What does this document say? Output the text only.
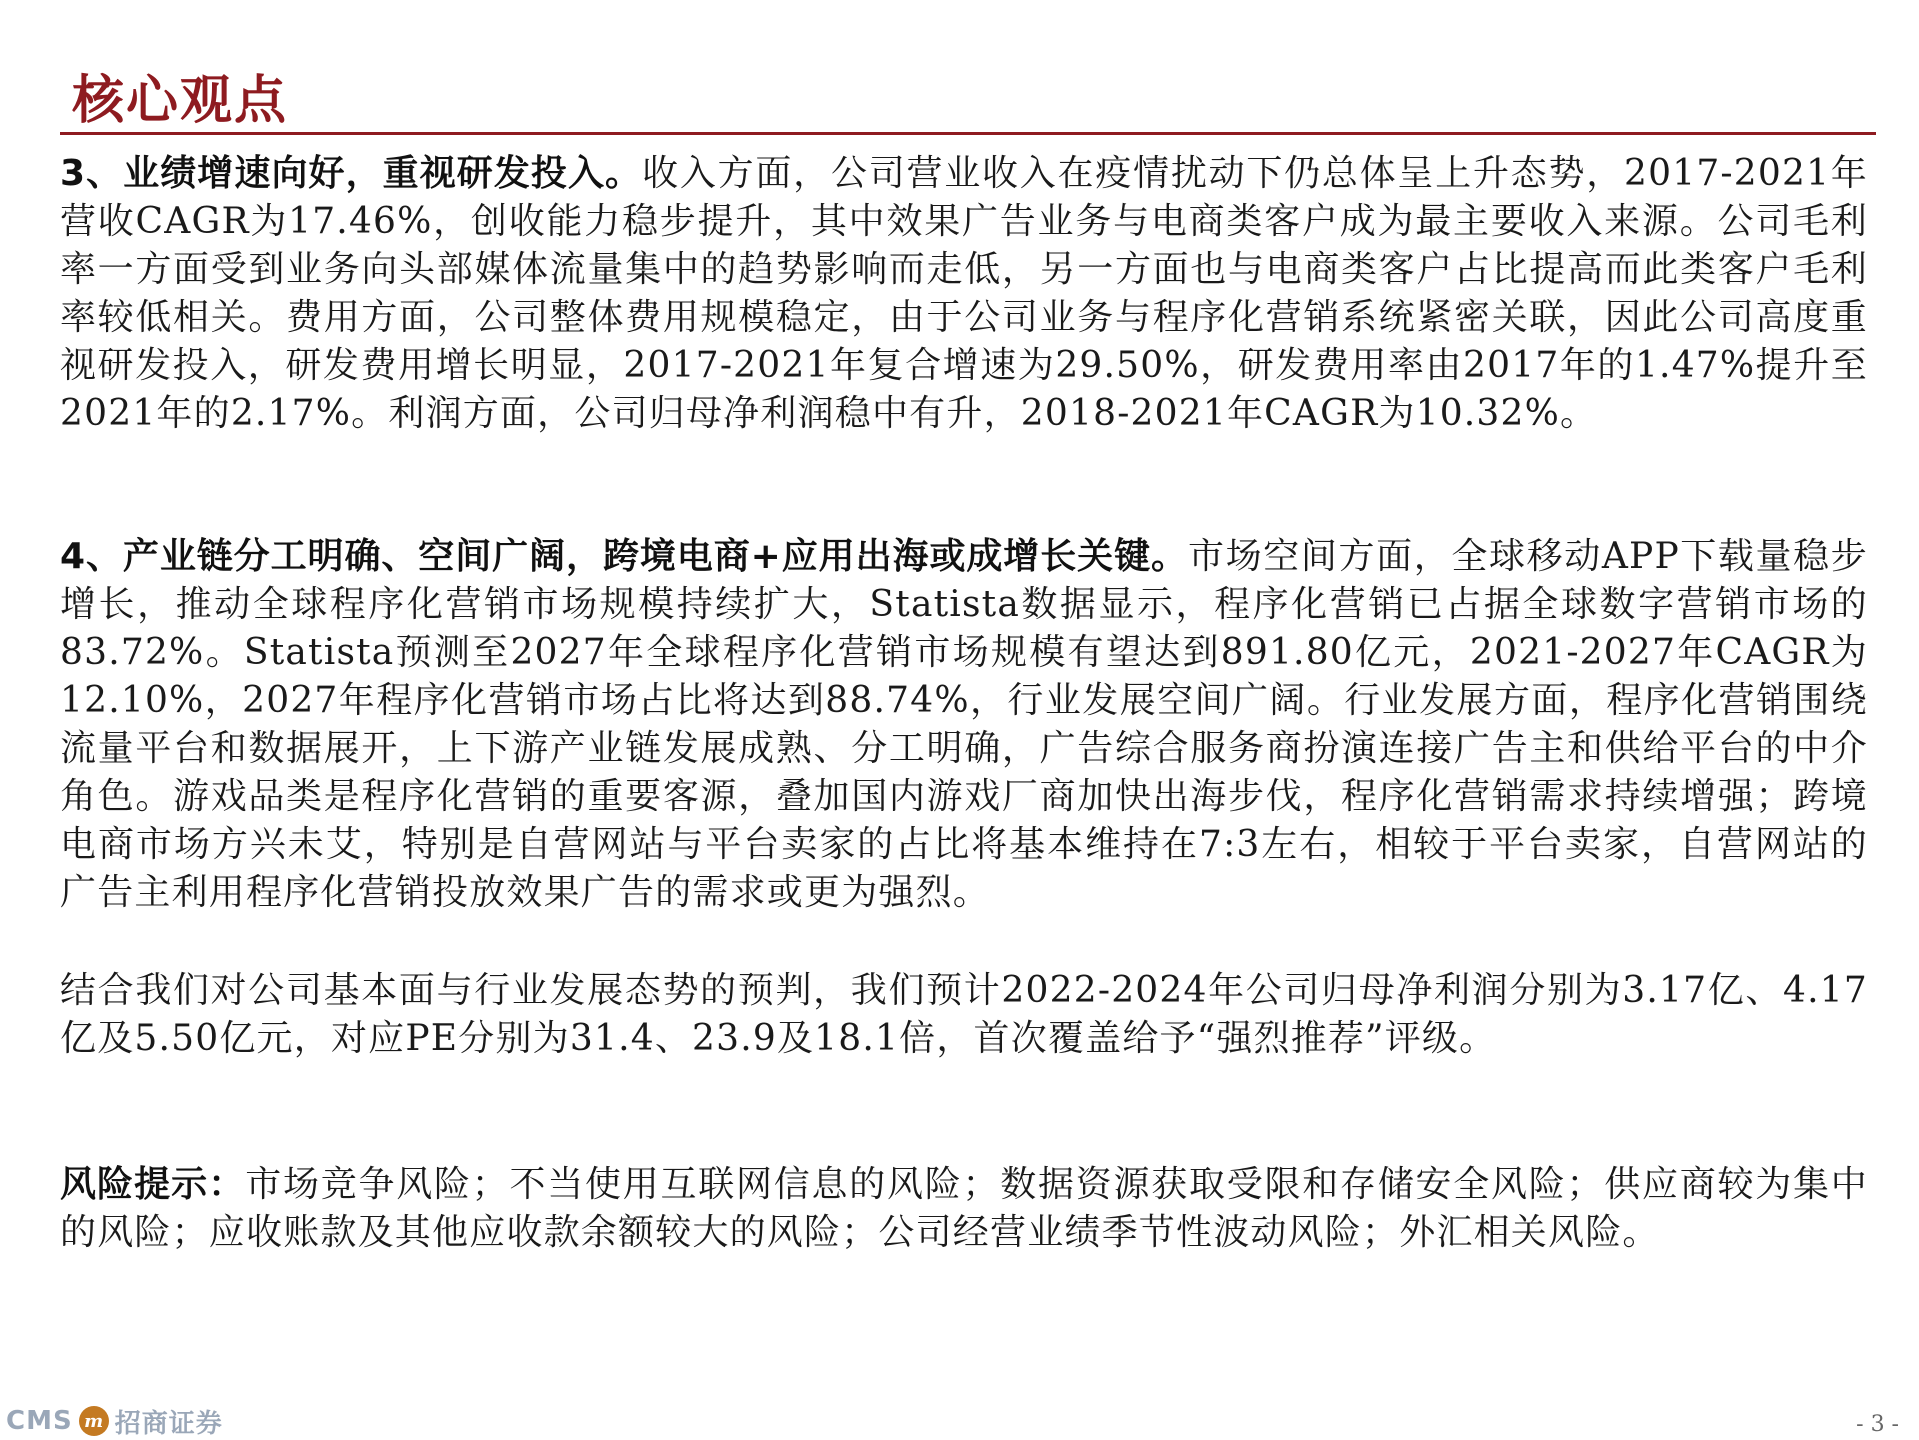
核心观点

3、业绩增速向好，重视研发投入。收入方面，公司营业收入在疫情扰动下仍总体呈上升态势，2017-2021年营收CAGR为17.46%，创收能力稳步提升，其中效果广告业务与电商类客户成为最主要收入来源。公司毛利率一方面受到业务向头部媒体流量集中的趋势影响而走低，另一方面也与电商类客户占比提高而此类客户毛利率较低相关。费用方面，公司整体费用规模稳定，由于公司业务与程序化营销系统紧密关联，因此公司高度重视研发投入，研发费用增长明显，2017-2021年复合增速为29.50%，研发费用率由2017年的1.47%提升至2021年的2.17%。利润方面，公司归母净利润稳中有升，2018-2021年CAGR为10.32%。

4、产业链分工明确、空间广阔，跨境电商+应用出海或成增长关键。市场空间方面，全球移动APP下载量稳步增长，推动全球程序化营销市场规模持续扩大，Statista数据显示，程序化营销已占据全球数字营销市场的83.72%。Statista预测至2027年全球程序化营销市场规模有望达到891.80亿元，2021-2027年CAGR为12.10%，2027年程序化营销市场占比将达到88.74%，行业发展空间广阔。行业发展方面，程序化营销围绕流量平台和数据展开，上下游产业链发展成熟、分工明确，广告综合服务商扮演连接广告主和供给平台的中介角色。游戏品类是程序化营销的重要客源，叠加国内游戏厂商加快出海步伐，程序化营销需求持续增强；跨境电商市场方兴未艾，特别是自营网站与平台卖家的占比将基本维持在7:3左右，相较于平台卖家，自营网站的广告主利用程序化营销投放效果广告的需求或更为强烈。

结合我们对公司基本面与行业发展态势的预判，我们预计2022-2024年公司归母净利润分别为3.17亿、4.17亿及5.50亿元，对应PE分别为31.4、23.9及18.1倍，首次覆盖给予“强烈推荐”评级。

风险提示：市场竞争风险；不当使用互联网信息的风险；数据资源获取受限和存储安全风险；供应商较为集中的风险；应收账款及其他应收款余额较大的风险；公司经营业绩季节性波动风险；外汇相关风险。

CMS m 招商证券	- 3 -
